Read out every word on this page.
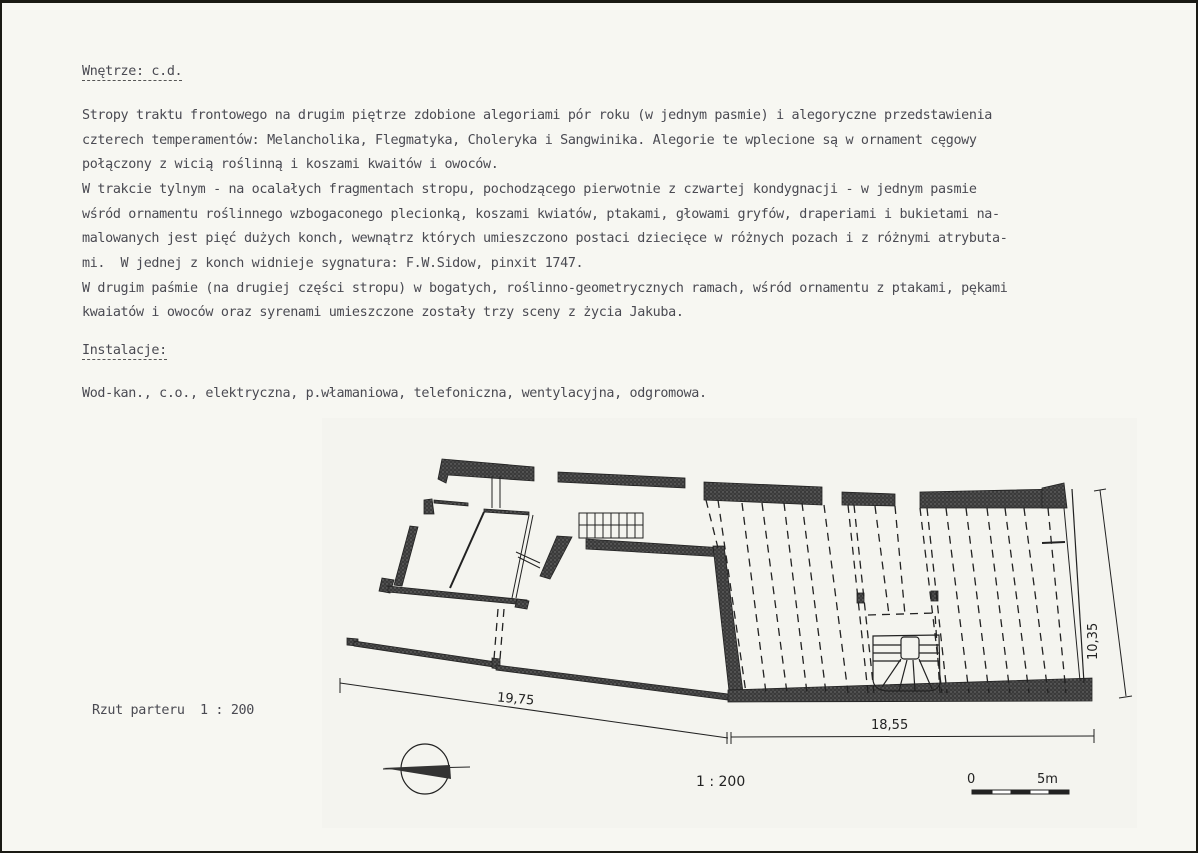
Wnętrze: c.d.
Stropy traktu frontowego na drugim piętrze zdobione alegoriami pór roku (w jednym pasmie) i alegoryczne przedstawienia
czterech temperamentów: Melancholika, Flegmatyka, Choleryka i Sangwinika. Alegorie te wplecione są w ornament cęgowy
połączony z wicią roślinną i koszami kwaitów i owoców.
W trakcie tylnym - na ocalałych fragmentach stropu, pochodzącego pierwotnie z czwartej kondygnacji - w jednym pasmie
wśród ornamentu roślinnego wzbogaconego plecionką, koszami kwiatów, ptakami, głowami gryfów, draperiami i bukietami na-
malowanych jest pięć dużych konch, wewnątrz których umieszczono postaci dziecięce w różnych pozach i z różnymi atrybuta-
mi.  W jednej z konch widnieje sygnatura: F.W.Sidow, pinxit 1747.
W drugim paśmie (na drugiej części stropu) w bogatych, roślinno-geometrycznych ramach, wśród ornamentu z ptakami, pękami
kwaiatów i owoców oraz syrenami umieszczone zostały trzy sceny z życia Jakuba.
Instalacje:
Wod-kan., c.o., elektryczna, p.włamaniowa, telefoniczna, wentylacyjna, odgromowa.
Rzut parteru  1 : 200
19,75
18,55
10,35
1 : 200	0	5m
